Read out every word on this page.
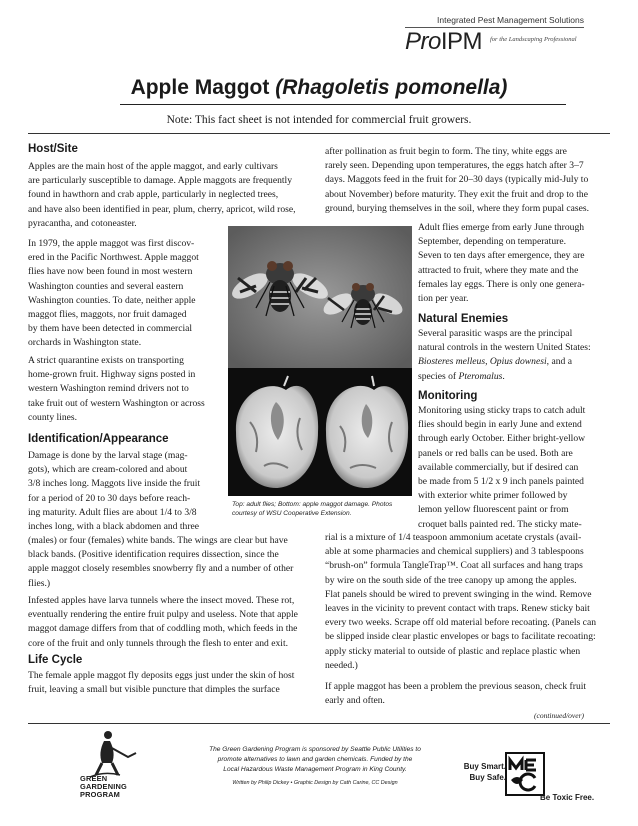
Integrated Pest Management Solutions
ProIPM for the Landscaping Professional
Apple Maggot (Rhagoletis pomonella)
Note: This fact sheet is not intended for commercial fruit growers.
Host/Site

Apples are the main host of the apple maggot, and early cultivars

are particularly susceptible to damage. Apple maggots are frequently

found in hawthorn and crab apple, particularly in neglected trees,

and have also been identified in pear, plum, cherry, apricot, wild rose,

pyracantha, and cotoneaster.

In 1979, the apple maggot was first discov-

ered in the Pacific Northwest. Apple maggot

flies have now been found in most western

Washington counties and several eastern

Washington counties. To date, neither apple

maggot flies, maggots, nor fruit damaged

by them have been detected in commercial

orchards in Washington state.

A strict quarantine exists on transporting

home-grown fruit. Highway signs posted in

western Washington remind drivers not to

take fruit out of western Washington or across

county lines.

Identification/Appearance

Damage is done by the larval stage (mag-

gots), which are cream-colored and about

3/8 inches long. Maggots live inside the fruit

for a period of 20 to 30 days before reach-

ing maturity. Adult flies are about 1/4 to 3/8

inches long, with a black abdomen and three

(males) or four (females) white bands. The wings are clear but have

black bands. (Positive identification requires dissection, since the

apple maggot closely resembles snowberry fly and a number of other

flies.)

Infested apples have larva tunnels where the insect moved. These rot,

eventually rendering the entire fruit pulpy and useless. Note that apple

maggot damage differs from that of coddling moth, which feeds in the

core of the fruit and only tunnels through the flesh to enter and exit.

Life Cycle

The female apple maggot fly deposits eggs just under the skin of host

fruit, leaving a small but visible puncture that dimples the surface

after pollination as fruit begin to form. The tiny, white eggs are

rarely seen. Depending upon temperatures, the eggs hatch after 3–7

days. Maggots feed in the fruit for 20–30 days (typically mid-July to

about November) before maturity. They exit the fruit and drop to the

ground, burying themselves in the soil, where they form pupal cases.

Adult flies emerge from early June through

September, depending on temperature.

Seven to ten days after emergence, they are

attracted to fruit, where they mate and the

females lay eggs. There is only one genera-

tion per year.

Natural Enemies

Several parasitic wasps are the principal

natural controls in the western United States:

Biosteres melleus, Opius downesi, and a

species of Pteromalus.

Monitoring

Monitoring using sticky traps to catch adult

flies should begin in early June and extend

through early October. Either bright-yellow

panels or red balls can be used. Both are

available commercially, but if desired can

be made from 5 1/2 x 9 inch panels painted

with exterior white primer followed by

lemon yellow fluorescent paint or from

croquet balls painted red. The sticky mate-

rial is a mixture of 1/4 teaspoon ammonium acetate crystals (avail-

able at some pharmacies and chemical suppliers) and 3 tablespoons

“brush-on” formula TangleTrap™. Coat all surfaces and hang traps

by wire on the south side of the tree canopy up among the apples.

Flat panels should be wired to prevent swinging in the wind. Remove

leaves in the vicinity to prevent contact with traps. Renew sticky bait

every two weeks. Scrape off old material before recoating. (Panels can

be slipped inside clear plastic envelopes or bags to facilitate recoating:

apply sticky material to outside of plastic and replace plastic when

needed.)

If apple maggot has been a problem the previous season, check fruit

early and often.

Top: adult flies; Bottom: apple maggot damage. Photos
courtesy of WSU Cooperative Extension.
(continued/over)
GREEN
GARDENING
PROGRAM
The Green Gardening Program is sponsored by Seattle Public Utilities to
promote alternatives to lawn and garden chemicals. Funded by the
Local Hazardous Waste Management Program in King County.
Written by Philip Dickey • Graphic Design by Cath Carine, CC Design
Buy Smart.
Buy Safe.
Be Toxic Free.
